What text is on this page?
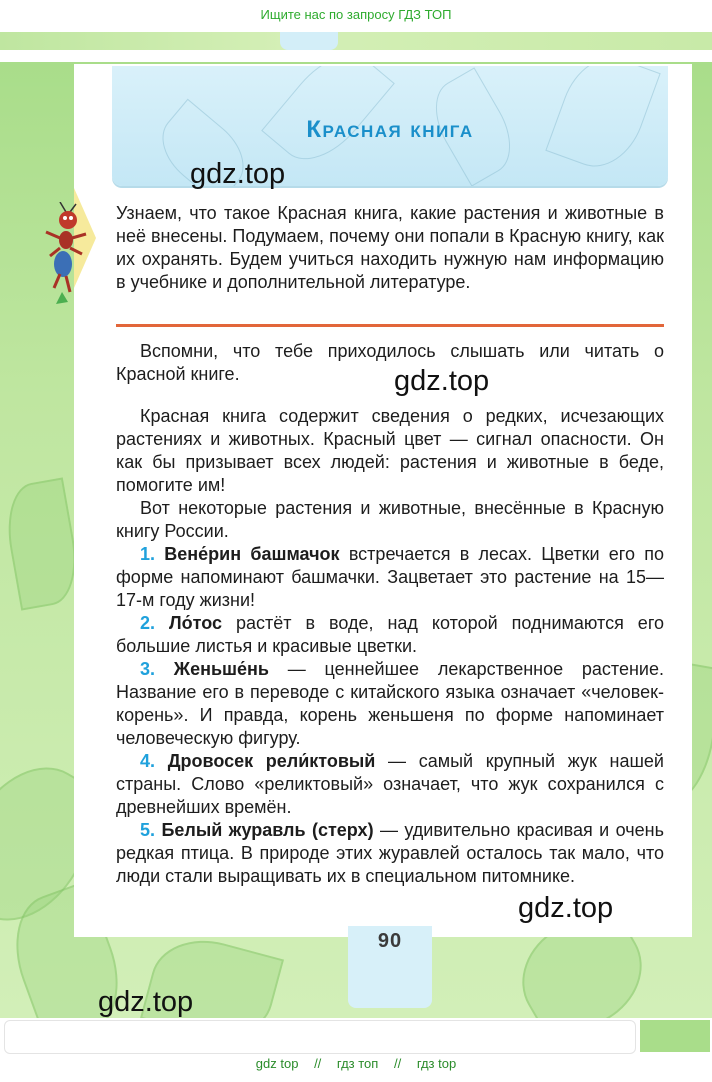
Ищите нас по запросу ГДЗ ТОП
Красная книга
gdz.top

Узнаем, что такое Красная книга, какие растения и животные в неё внесены. Подумаем, почему они попали в Красную книгу, как их охранять. Будем учиться находить нужную нам информацию в учебнике и дополнительной литературе.

Вспомни, что тебе приходилось слышать или читать о Красной книге.	gdz.top

Красная книга содержит сведения о редких, исчезающих растениях и животных. Красный цвет — сигнал опасности. Он как бы призывает всех людей: растения и животные в беде, помогите им!

Вот некоторые растения и животные, внесённые в Красную книгу России.

1. Вене́рин башмачок встречается в лесах. Цветки его по форме напоминают башмачки. Зацветает это растение на 15—17-м году жизни!

2. Ло́тос растёт в воде, над которой поднимаются его большие листья и красивые цветки.

3. Женьше́нь — ценнейшее лекарственное растение. Название его в переводе с китайского языка означает «человек-корень». И правда, корень женьшеня по форме напоминает человеческую фигуру.

4. Дровосек рели́ктовый — самый крупный жук нашей страны. Слово «реликтовый» означает, что жук сохранился с древнейших времён.

5. Белый журавль (стерх) — удивительно красивая и очень редкая птица. В природе этих журавлей осталось так мало, что люди стали выращивать их в специальном питомнике.

gdz.top
90
gdz.top
gdz top // гдз топ // гдз top
